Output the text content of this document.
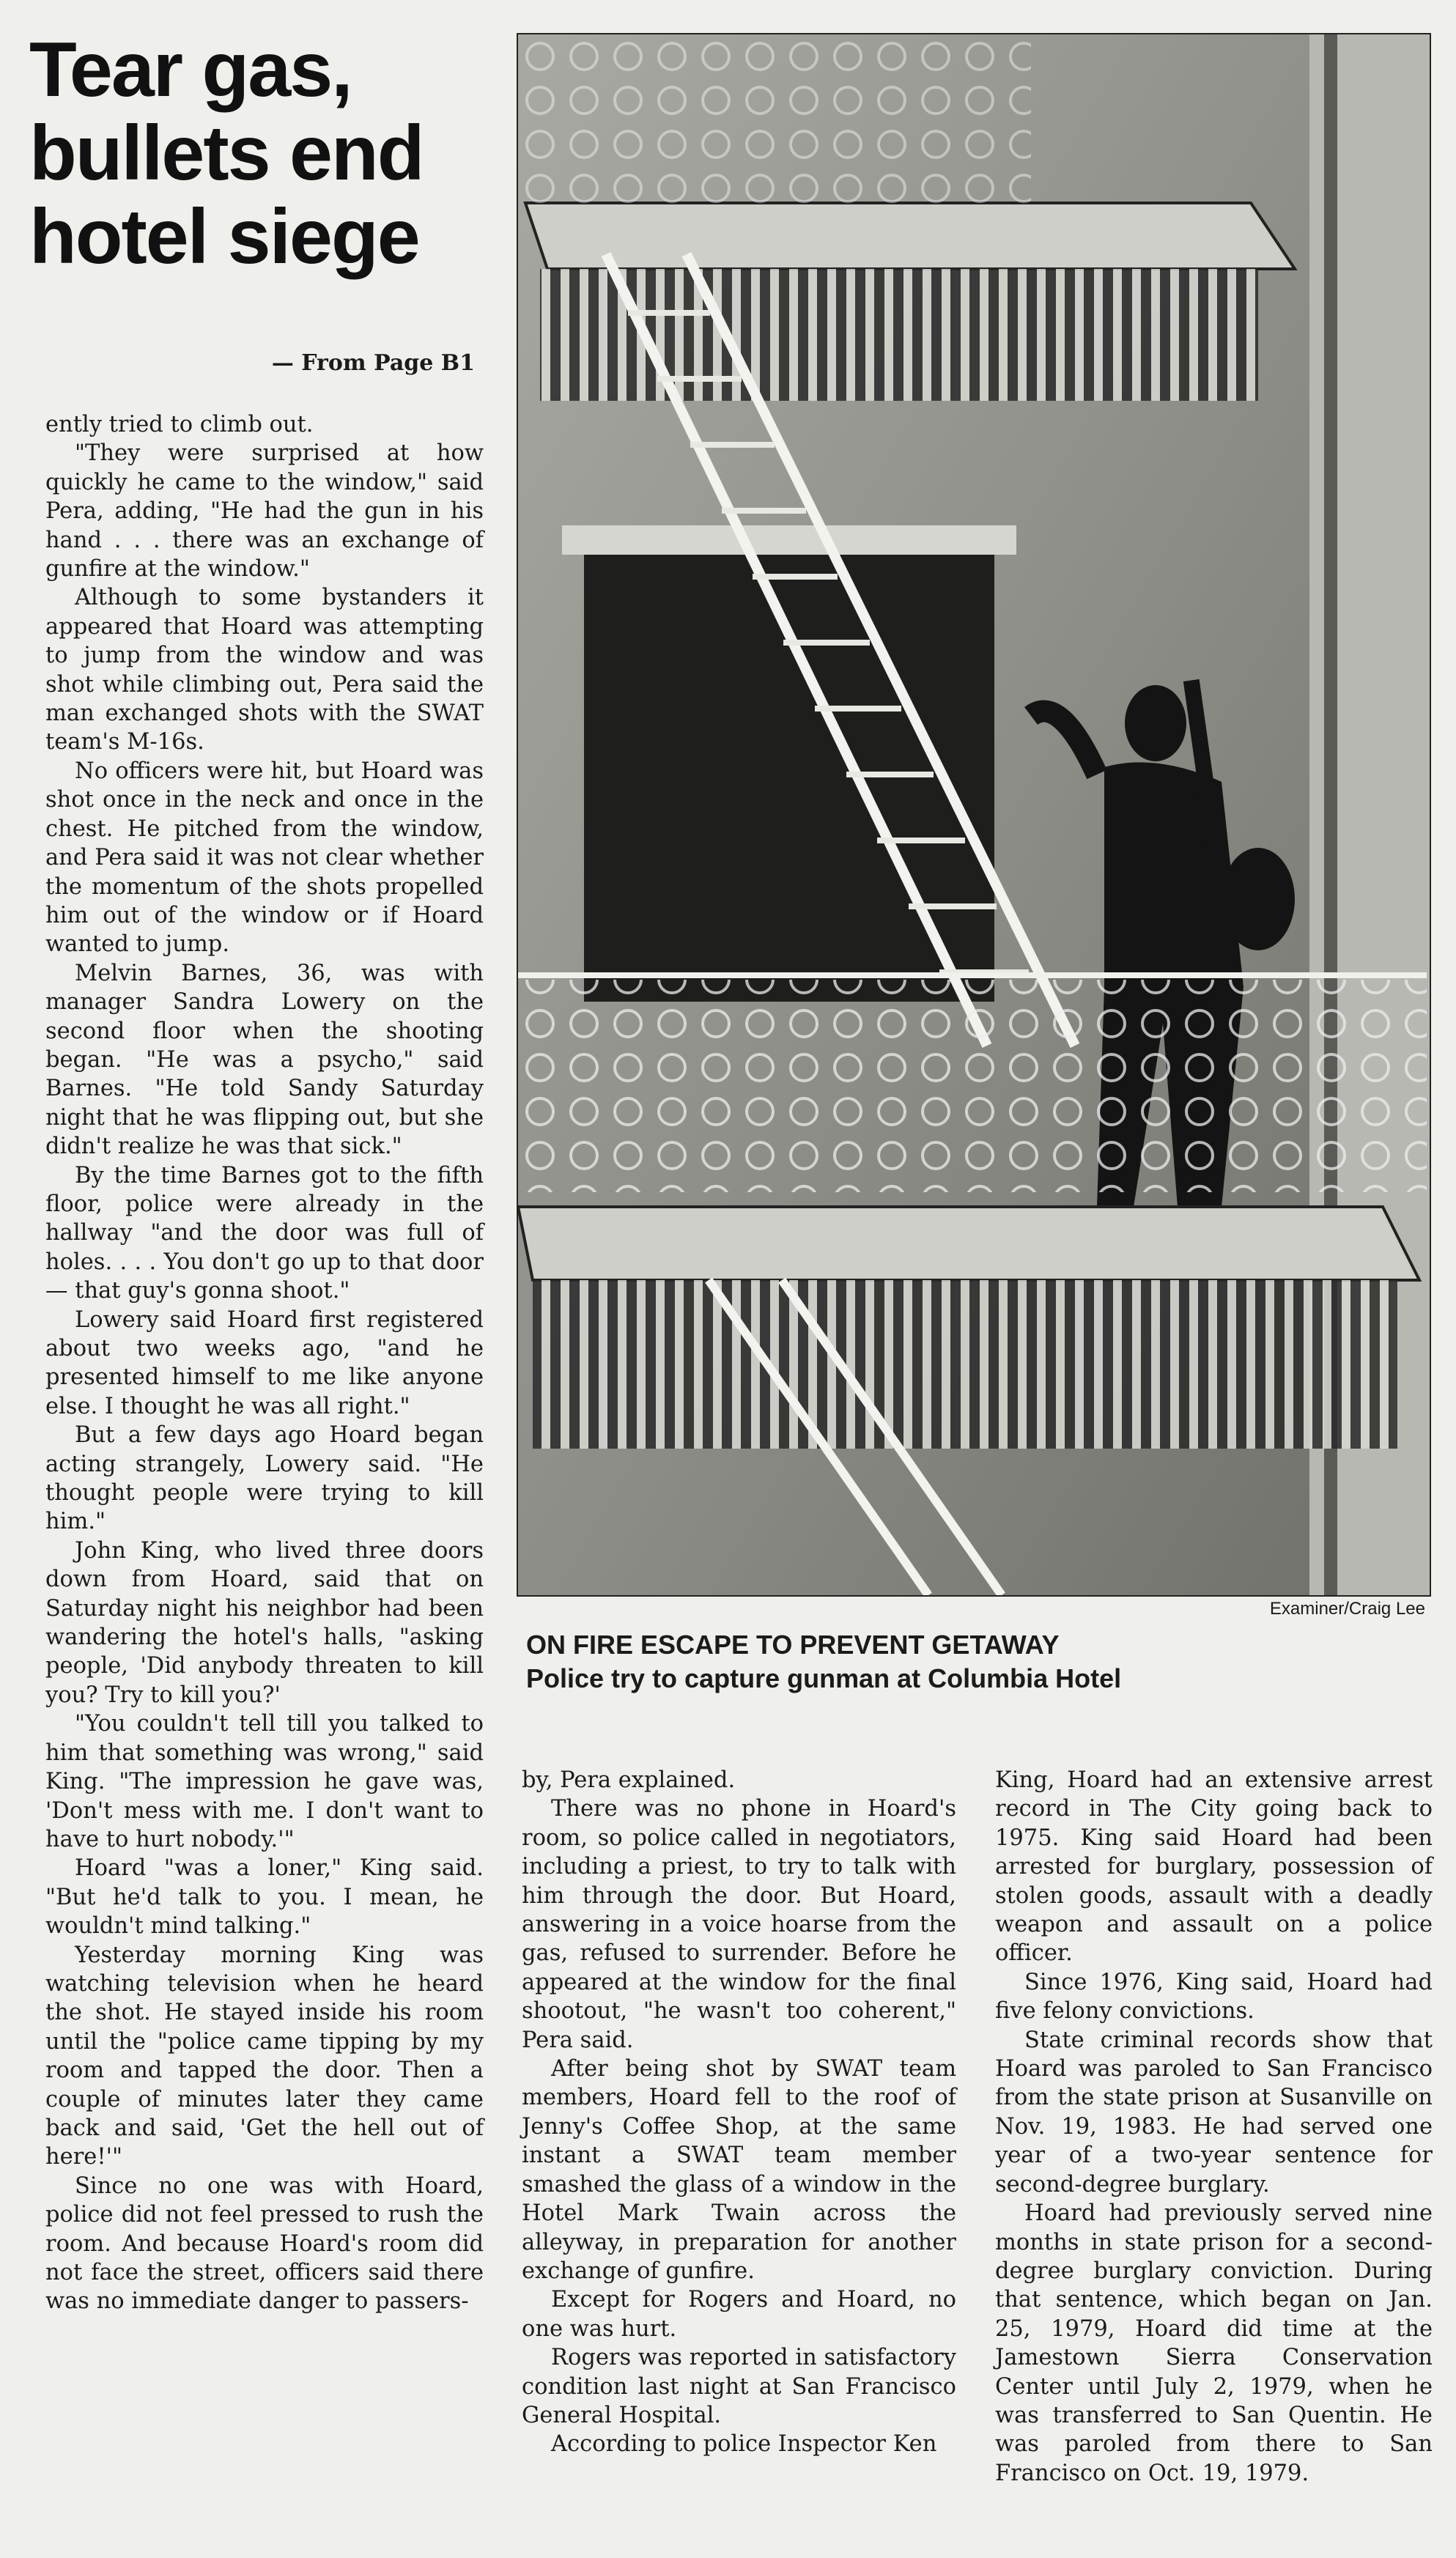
Tear gas,
bullets end
hotel siege
— From Page B1

ently tried to climb out.

"They were surprised at how quickly he came to the window," said Pera, adding, "He had the gun in his hand . . . there was an exchange of gunfire at the window."

Although to some bystanders it appeared that Hoard was attempting to jump from the window and was shot while climbing out, Pera said the man exchanged shots with the SWAT team's M-16s.

No officers were hit, but Hoard was shot once in the neck and once in the chest. He pitched from the window, and Pera said it was not clear whether the momentum of the shots propelled him out of the window or if Hoard wanted to jump.

Melvin Barnes, 36, was with manager Sandra Lowery on the second floor when the shooting began. "He was a psycho," said Barnes. "He told Sandy Saturday night that he was flipping out, but she didn't realize he was that sick."

By the time Barnes got to the fifth floor, police were already in the hallway "and the door was full of holes. . . . You don't go up to that door — that guy's gonna shoot."

Lowery said Hoard first registered about two weeks ago, "and he presented himself to me like anyone else. I thought he was all right."

But a few days ago Hoard began acting strangely, Lowery said. "He thought people were trying to kill him."

John King, who lived three doors down from Hoard, said that on Saturday night his neighbor had been wandering the hotel's halls, "asking people, 'Did anybody threaten to kill you? Try to kill you?'

"You couldn't tell till you talked to him that something was wrong," said King. "The impression he gave was, 'Don't mess with me. I don't want to have to hurt nobody.'"

Hoard "was a loner," King said. "But he'd talk to you. I mean, he wouldn't mind talking."

Yesterday morning King was watching television when he heard the shot. He stayed inside his room until the "police came tipping by my room and tapped the door. Then a couple of minutes later they came back and said, 'Get the hell out of here!'"

Since no one was with Hoard, police did not feel pressed to rush the room. And because Hoard's room did not face the street, officers said there was no immediate danger to passers-

Examiner/Craig Lee
ON FIRE ESCAPE TO PREVENT GETAWAY
Police try to capture gunman at Columbia Hotel

by, Pera explained.

There was no phone in Hoard's room, so police called in negotiators, including a priest, to try to talk with him through the door. But Hoard, answering in a voice hoarse from the gas, refused to surrender. Before he appeared at the window for the final shootout, "he wasn't too coherent," Pera said.

After being shot by SWAT team members, Hoard fell to the roof of Jenny's Coffee Shop, at the same instant a SWAT team member smashed the glass of a window in the Hotel Mark Twain across the alleyway, in preparation for another exchange of gunfire.

Except for Rogers and Hoard, no one was hurt.

Rogers was reported in satisfactory condition last night at San Francisco General Hospital.

According to police Inspector Ken

King, Hoard had an extensive arrest record in The City going back to 1975. King said Hoard had been arrested for burglary, possession of stolen goods, assault with a deadly weapon and assault on a police officer.

Since 1976, King said, Hoard had five felony convictions.

State criminal records show that Hoard was paroled to San Francisco from the state prison at Susanville on Nov. 19, 1983. He had served one year of a two-year sentence for second-degree burglary.

Hoard had previously served nine months in state prison for a second-degree burglary conviction. During that sentence, which began on Jan. 25, 1979, Hoard did time at the Jamestown Sierra Conservation Center until July 2, 1979, when he was transferred to San Quentin. He was paroled from there to San Francisco on Oct. 19, 1979.
